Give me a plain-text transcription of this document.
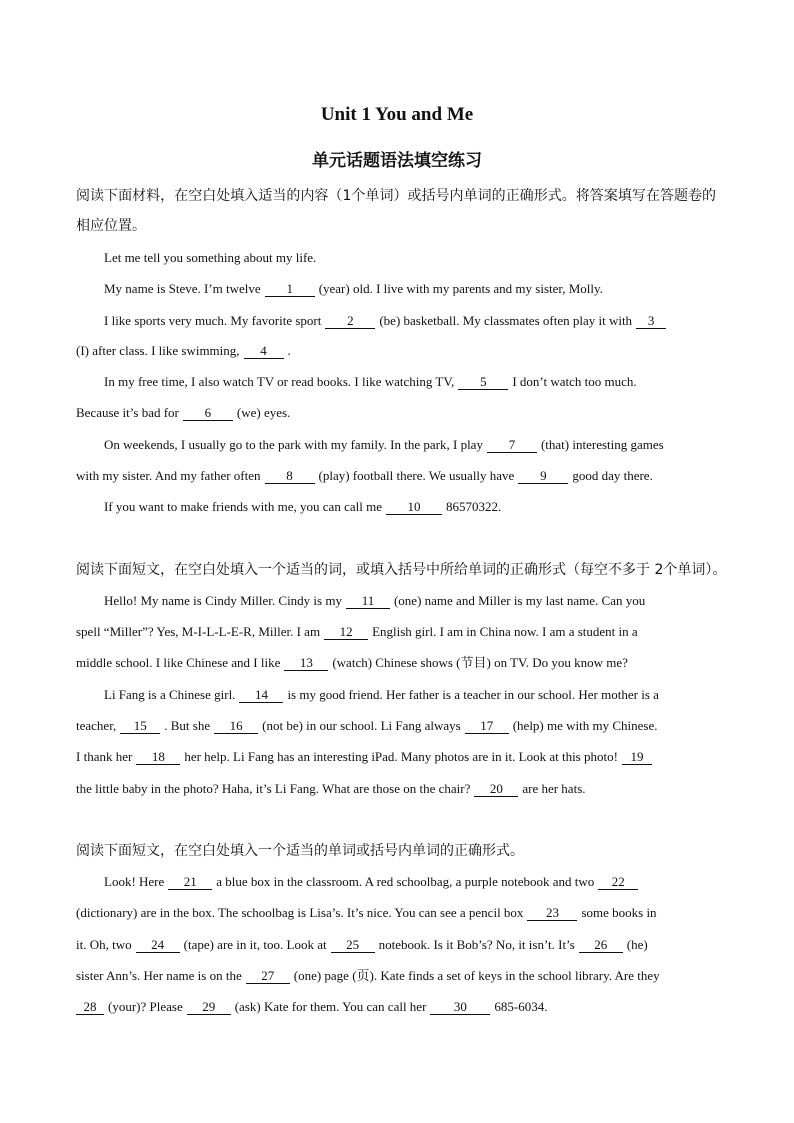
Unit 1 You and Me
单元话题语法填空练习
阅读下面材料，在空白处填入适当的内容（1个单词）或括号内单词的正确形式。将答案填写在答题卷的
相应位置。
Let me tell you something about my life.
My name is Steve. I’m twelve 1 (year) old. I live with my parents and my sister, Molly.
I like sports very much. My favorite sport 2 (be) basketball. My classmates often play it with 3
(I) after class. I like swimming, 4 .
In my free time, I also watch TV or read books. I like watching TV, 5 I don’t watch too much.
Because it’s bad for 6 (we) eyes.
On weekends, I usually go to the park with my family. In the park, I play 7 (that) interesting games
with my sister. And my father often 8 (play) football there. We usually have 9 good day there.
If you want to make friends with me, you can call me 10 86570322.
阅读下面短文，在空白处填入一个适当的词，或填入括号中所给单词的正确形式（每空不多于 2个单词）。
Hello! My name is Cindy Miller. Cindy is my 11 (one) name and Miller is my last name. Can you
spell “Miller”? Yes, M-I-L-L-E-R, Miller. I am 12 English girl. I am in China now. I am a student in a
middle school. I like Chinese and I like 13 (watch) Chinese shows (节目) on TV. Do you know me?
Li Fang is a Chinese girl. 14 is my good friend. Her father is a teacher in our school. Her mother is a
teacher, 15 . But she 16 (not be) in our school. Li Fang always 17 (help) me with my Chinese.
I thank her 18 her help. Li Fang has an interesting iPad. Many photos are in it. Look at this photo! 19
the little baby in the photo? Haha, it’s Li Fang. What are those on the chair? 20 are her hats.
阅读下面短文，在空白处填入一个适当的单词或括号内单词的正确形式。
Look! Here 21 a blue box in the classroom. A red schoolbag, a purple notebook and two 22
(dictionary) are in the box. The schoolbag is Lisa’s. It’s nice. You can see a pencil box 23 some books in
it. Oh, two 24 (tape) are in it, too. Look at 25 notebook. Is it Bob’s? No, it isn’t. It’s 26 (he)
sister Ann’s. Her name is on the 27 (one) page (页). Kate finds a set of keys in the school library. Are they
28 (your)? Please 29 (ask) Kate for them. You can call her 30 685-6034.
